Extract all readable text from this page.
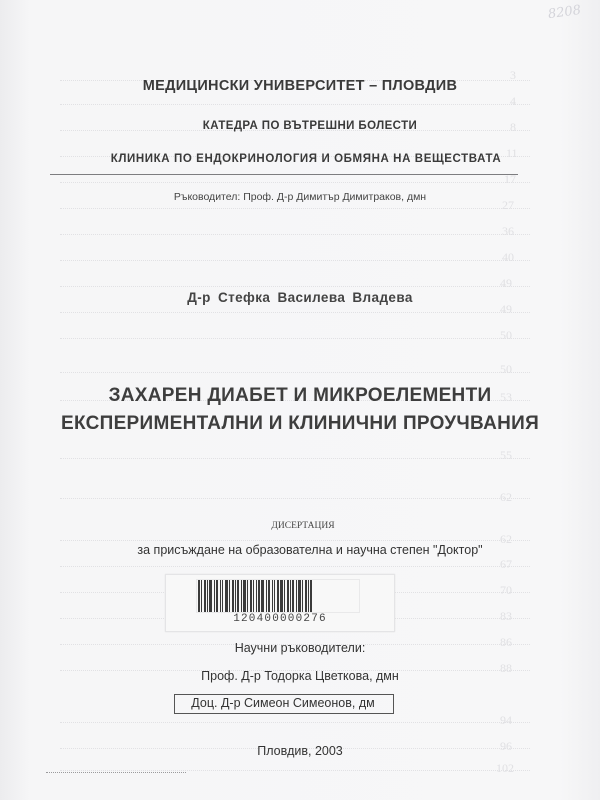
3
4
8
11
17
27
36
40
49
49
50
50
53
55
62
62
67
70
83
86
88
94
96
102
8208
МЕДИЦИНСКИ УНИВЕРСИТЕТ – ПЛОВДИВ
КАТЕДРА ПО ВЪТРЕШНИ БОЛЕСТИ
КЛИНИКА ПО ЕНДОКРИНОЛОГИЯ И ОБМЯНА НА ВЕЩЕСТВАТА
Ръководител: Проф. Д-р Димитър Димитраков, дмн
Д-р Стефка Василева Владева
ЗАХАРЕН ДИАБЕТ И МИКРОЕЛЕМЕНТИ
ЕКСПЕРИМЕНТАЛНИ И КЛИНИЧНИ ПРОУЧВАНИЯ
ДИСЕРТАЦИЯ
за присъждане на образователна и научна степен "Доктор"
120400000276
Научни ръководители:
Проф. Д-р Тодорка Цветкова, дмн
Доц. Д-р Симеон Симеонов, дм
Пловдив, 2003
